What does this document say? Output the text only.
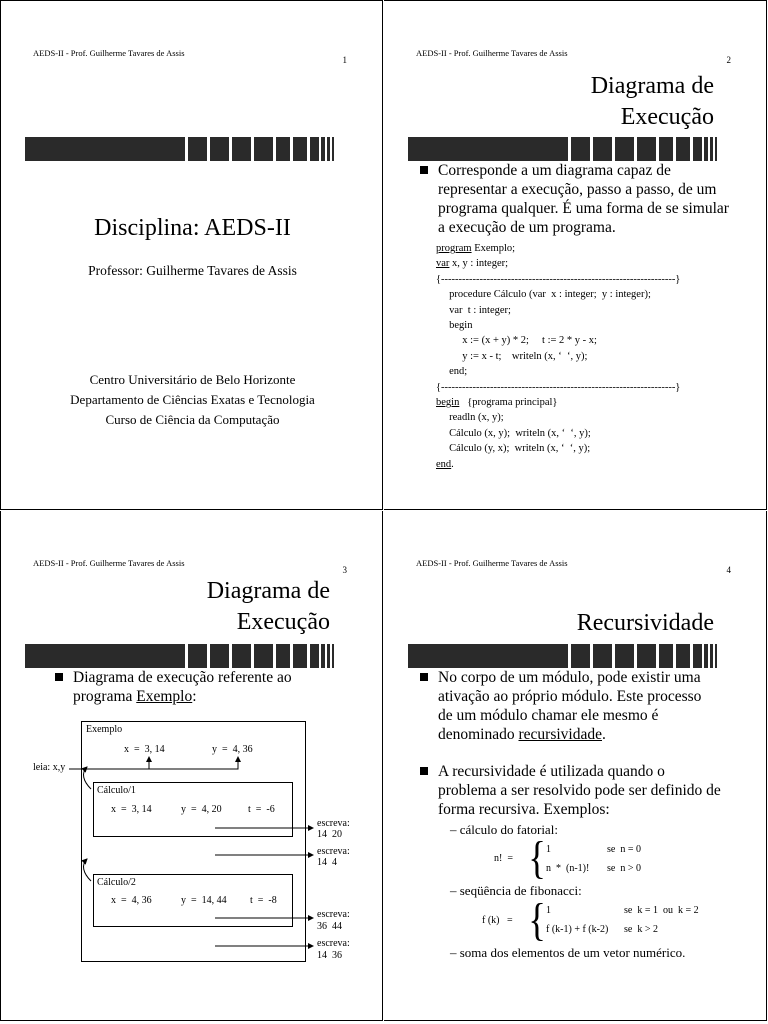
AEDS-II - Prof. Guilherme Tavares de Assis
1
Disciplina: AEDS-II
Professor: Guilherme Tavares de Assis
Centro Universitário de Belo Horizonte
Departamento de Ciências Exatas e Tecnologia
Curso de Ciência da Computação
AEDS-II - Prof. Guilherme Tavares de Assis
2
Diagrama de
Execução
Corresponde a um diagrama capaz de representar a execução, passo a passo, de um programa qualquer. É uma forma de se simular a execução de um programa.
program Exemplo;
var x, y : integer;
{-------------------------------------------------------------------}
procedure Cálculo (var  x : integer;  y : integer);
var  t : integer;
begin
x := (x + y) * 2;     t := 2 * y - x;
y := x - t;    writeln (x, ‘  ‘, y);
end;
{-------------------------------------------------------------------}
begin   {programa principal}
readln (x, y);
Cálculo (x, y);  writeln (x, ‘  ‘, y);
Cálculo (y, x);  writeln (x, ‘  ‘, y);
end.
AEDS-II - Prof. Guilherme Tavares de Assis
3
Diagrama de
Execução
Diagrama de execução referente ao programa Exemplo:
Exemplo
x  =  3, 14	y  =  4, 36
leia: x,y
Cálculo/1
x  =  3, 14	y  =  4, 20	t  =  -6
Cálculo/2
x  =  4, 36	y  =  14, 44 t  =  -8
escreva:
14  20
escreva:
14  4
escreva:
36  44
escreva:
14  36
AEDS-II - Prof. Guilherme Tavares de Assis
4
Recursividade
No corpo de um módulo, pode existir uma ativação ao próprio módulo. Este processo de um módulo chamar ele mesmo é denominado recursividade.
A recursividade é utilizada quando o problema a ser resolvido pode ser definido de forma recursiva. Exemplos:
– cálculo do fatorial:
n!  = { 1	se  n = 0
n  *  (n-1)! se  n > 0
– seqüência de fibonacci:
f (k)   = { 1	se  k = 1  ou  k = 2
f (k-1) + f (k-2) se  k > 2
– soma dos elementos de um vetor numérico.
